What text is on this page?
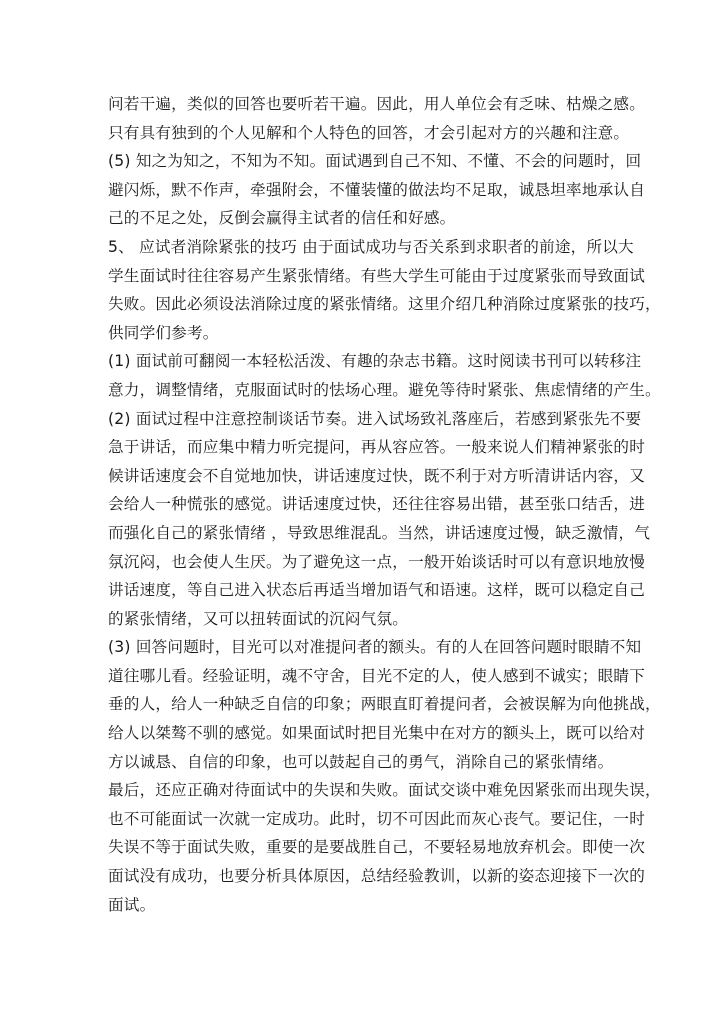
问若干遍，类似的回答也要听若干遍。因此，用人单位会有乏味、枯燥之感。
只有具有独到的个人见解和个人特色的回答，才会引起对方的兴趣和注意。
(5) 知之为知之，不知为不知。面试遇到自己不知、不懂、不会的问题时，回
避闪烁，默不作声，牵强附会，不懂装懂的做法均不足取，诚恳坦率地承认自
己的不足之处，反倒会赢得主试者的信任和好感。
5、 应试者消除紧张的技巧 由于面试成功与否关系到求职者的前途，所以大
学生面试时往往容易产生紧张情绪。有些大学生可能由于过度紧张而导致面试
失败。因此必须设法消除过度的紧张情绪。这里介绍几种消除过度紧张的技巧，
供同学们参考。
(1) 面试前可翻阅一本轻松活泼、有趣的杂志书籍。这时阅读书刊可以转移注
意力，调整情绪，克服面试时的怯场心理。避免等待时紧张、焦虑情绪的产生。
(2) 面试过程中注意控制谈话节奏。进入试场致礼落座后，若感到紧张先不要
急于讲话，而应集中精力听完提问，再从容应答。一般来说人们精神紧张的时
候讲话速度会不自觉地加快，讲话速度过快，既不利于对方听清讲话内容，又
会给人一种慌张的感觉。讲话速度过快，还往往容易出错，甚至张口结舌，进
而强化自己的紧张情绪 ，导致思维混乱。当然，讲话速度过慢，缺乏激情，气
氛沉闷，也会使人生厌。为了避免这一点，一般开始谈话时可以有意识地放慢
讲话速度，等自己进入状态后再适当增加语气和语速。这样，既可以稳定自己
的紧张情绪，又可以扭转面试的沉闷气氛。
(3) 回答问题时，目光可以对准提问者的额头。有的人在回答问题时眼睛不知
道往哪儿看。经验证明，魂不守舍，目光不定的人，使人感到不诚实；眼睛下
垂的人，给人一种缺乏自信的印象；两眼直盯着提问者，会被误解为向他挑战，
给人以桀骜不驯的感觉。如果面试时把目光集中在对方的额头上，既可以给对
方以诚恳、自信的印象，也可以鼓起自己的勇气，消除自己的紧张情绪。
最后，还应正确对待面试中的失误和失败。面试交谈中难免因紧张而出现失误，
也不可能面试一次就一定成功。此时，切不可因此而灰心丧气。要记住，一时
失误不等于面试失败，重要的是要战胜自己，不要轻易地放弃机会。即使一次
面试没有成功，也要分析具体原因，总结经验教训，以新的姿态迎接下一次的
面试。
